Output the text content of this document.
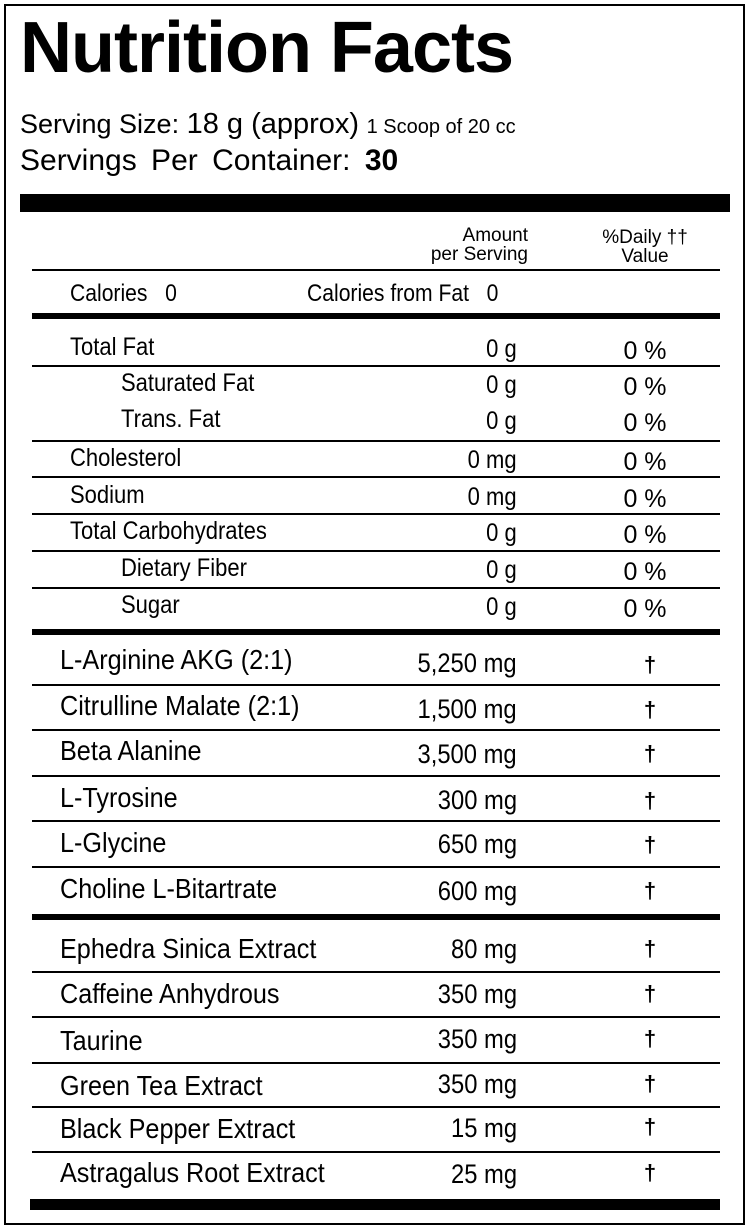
Nutrition Facts
Serving Size: 18 g (approx) 1 Scoop of 20 cc
Servings Per Container: 30
Amount
per Serving
%Daily ††
Value
Calories 0	Calories from Fat 0
Total Fat	0 g	0 %
Saturated Fat	0 g	0 %
Trans. Fat	0 g	0 %
Cholesterol	0 mg	0 %
Sodium	0 mg	0 %
Total Carbohydrates	0 g	0 %
Dietary Fiber	0 g	0 %
Sugar	0 g	0 %
L-Arginine AKG (2:1)	5,250 mg	†
Citrulline Malate (2:1)	1,500 mg	†
Beta Alanine	3,500 mg	†
L-Tyrosine	300 mg	†
L-Glycine	650 mg	†
Choline L-Bitartrate	600 mg	†
Ephedra Sinica Extract	80 mg	†
Caffeine Anhydrous	350 mg	†
Taurine	350 mg	†
Green Tea Extract	350 mg	†
Black Pepper Extract	15 mg	†
Astragalus Root Extract	25 mg	†
